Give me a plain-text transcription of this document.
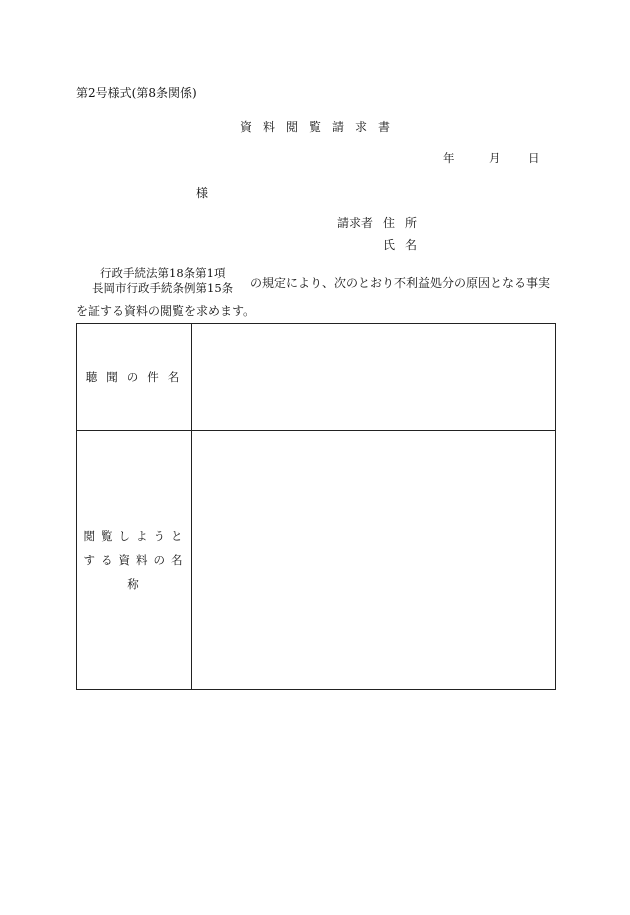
第2号様式(第8条関係)
資料閲覧請求書
年	月 日
様
請求者 住所
氏名
行政手続法第18条第1項
長岡市行政手続条例第15条 の規定により、次のとおり不利益処分の原因となる事実
を証する資料の閲覧を求めます。
聴聞の件名	

閲覧しようと
する資料の名称	
